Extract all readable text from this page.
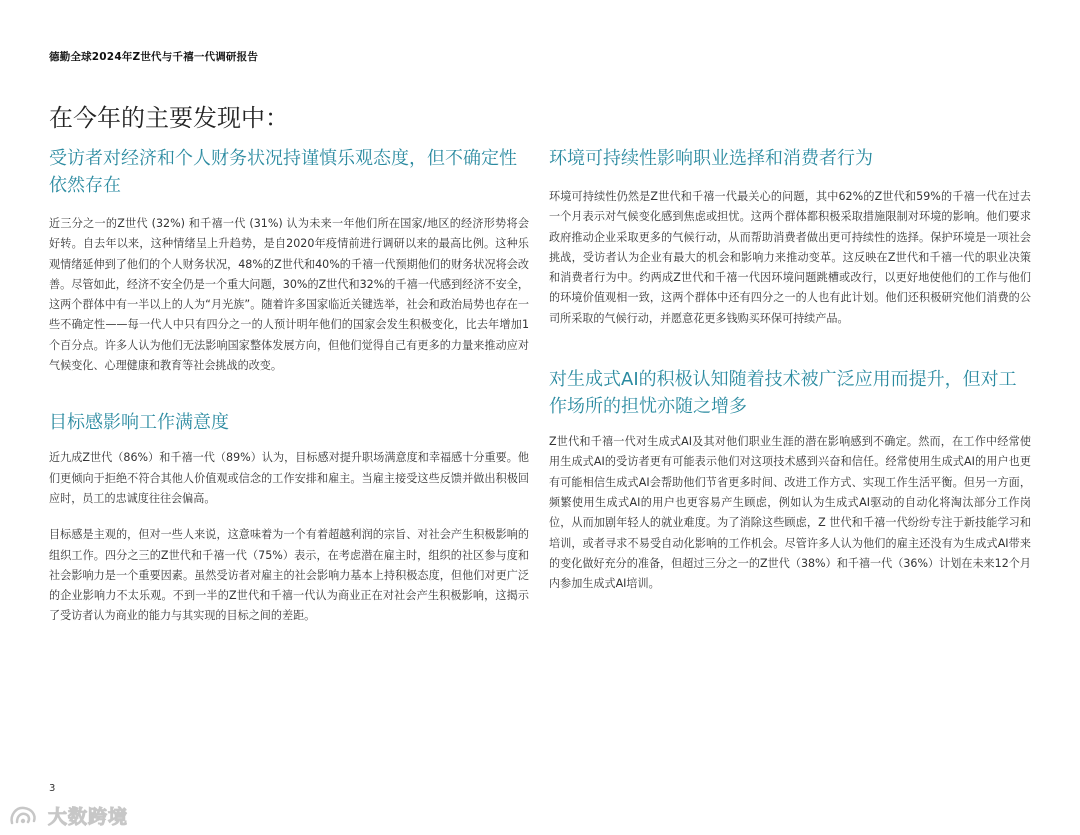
德勤全球2024年Z世代与千禧一代调研报告
在今年的主要发现中：
受访者对经济和个人财务状况持谨慎乐观态度，但不确定性依然存在

近三分之一的Z世代 (32%) 和千禧一代 (31%) 认为未来一年他们所在国家/地区的经济形势将会好转。自去年以来，这种情绪呈上升趋势，是自2020年疫情前进行调研以来的最高比例。这种乐观情绪延伸到了他们的个人财务状况，48%的Z世代和40%的千禧一代预期他们的财务状况将会改善。尽管如此，经济不安全仍是一个重大问题，30%的Z世代和32%的千禧一代感到经济不安全，这两个群体中有一半以上的人为“月光族”。随着许多国家临近关键选举，社会和政治局势也存在一些不确定性——每一代人中只有四分之一的人预计明年他们的国家会发生积极变化，比去年增加1个百分点。许多人认为他们无法影响国家整体发展方向，但他们觉得自己有更多的力量来推动应对气候变化、心理健康和教育等社会挑战的改变。

目标感影响工作满意度

近九成Z世代（86%）和千禧一代（89%）认为，目标感对提升职场满意度和幸福感十分重要。他们更倾向于拒绝不符合其他人价值观或信念的工作安排和雇主。当雇主接受这些反馈并做出积极回应时，员工的忠诚度往往会偏高。

目标感是主观的，但对一些人来说，这意味着为一个有着超越利润的宗旨、对社会产生积极影响的组织工作。四分之三的Z世代和千禧一代（75%）表示，在考虑潜在雇主时，组织的社区参与度和社会影响力是一个重要因素。虽然受访者对雇主的社会影响力基本上持积极态度，但他们对更广泛的企业影响力不太乐观。不到一半的Z世代和千禧一代认为商业正在对社会产生积极影响，这揭示了受访者认为商业的能力与其实现的目标之间的差距。

环境可持续性影响职业选择和消费者行为

环境可持续性仍然是Z世代和千禧一代最关心的问题，其中62%的Z世代和59%的千禧一代在过去一个月表示对气候变化感到焦虑或担忧。这两个群体都积极采取措施限制对环境的影响。他们要求政府推动企业采取更多的气候行动，从而帮助消费者做出更可持续性的选择。保护环境是一项社会挑战，受访者认为企业有最大的机会和影响力来推动变革。这反映在Z世代和千禧一代的职业决策和消费者行为中。约两成Z世代和千禧一代因环境问题跳槽或改行，以更好地使他们的工作与他们的环境价值观相一致，这两个群体中还有四分之一的人也有此计划。他们还积极研究他们消费的公司所采取的气候行动，并愿意花更多钱购买环保可持续产品。

对生成式AI的积极认知随着技术被广泛应用而提升，但对工作场所的担忧亦随之增多

Z世代和千禧一代对生成式AI及其对他们职业生涯的潜在影响感到不确定。然而，在工作中经常使用生成式AI的受访者更有可能表示他们对这项技术感到兴奋和信任。经常使用生成式AI的用户也更有可能相信生成式AI会帮助他们节省更多时间、改进工作方式、实现工作生活平衡。但另一方面，频繁使用生成式AI的用户也更容易产生顾虑，例如认为生成式AI驱动的自动化将淘汰部分工作岗位，从而加剧年轻人的就业难度。为了消除这些顾虑，Z 世代和千禧一代纷纷专注于新技能学习和培训，或者寻求不易受自动化影响的工作机会。尽管许多人认为他们的雇主还没有为生成式AI带来的变化做好充分的准备，但超过三分之一的Z世代（38%）和千禧一代（36%）计划在未来12个月内参加生成式AI培训。

3
大数跨境
